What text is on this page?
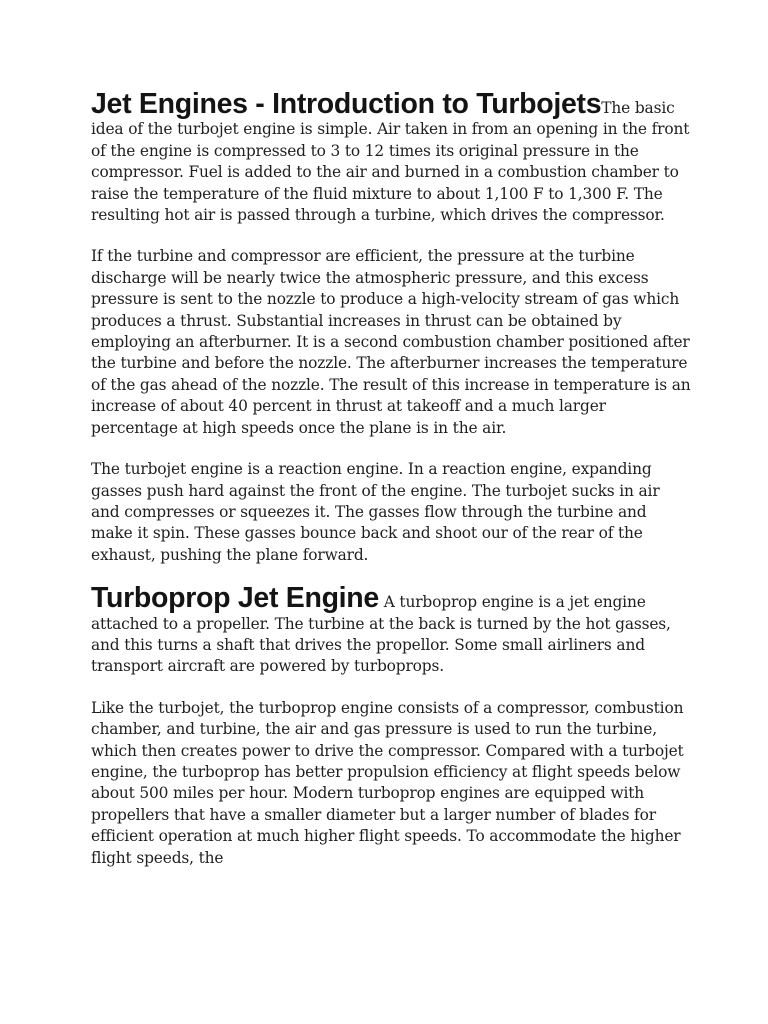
Jet Engines - Introduction to TurbojetsThe basic idea of the turbojet engine is simple. Air taken in from an opening in the front of the engine is compressed to 3 to 12 times its original pressure in the compressor. Fuel is added to the air and burned in a combustion chamber to raise the temperature of the fluid mixture to about 1,100 F to 1,300 F. The resulting hot air is passed through a turbine, which drives the compressor.

If the turbine and compressor are efficient, the pressure at the turbine discharge will be nearly twice the atmospheric pressure, and this excess pressure is sent to the nozzle to produce a high-velocity stream of gas which produces a thrust. Substantial increases in thrust can be obtained by employing an afterburner. It is a second combustion chamber positioned after the turbine and before the nozzle. The afterburner increases the temperature of the gas ahead of the nozzle. The result of this increase in temperature is an increase of about 40 percent in thrust at takeoff and a much larger percentage at high speeds once the plane is in the air.

The turbojet engine is a reaction engine. In a reaction engine, expanding gasses push hard against the front of the engine. The turbojet sucks in air and compresses or squeezes it. The gasses flow through the turbine and make it spin. These gasses bounce back and shoot our of the rear of the exhaust, pushing the plane forward.

Turboprop Jet Engine A turboprop engine is a jet engine attached to a propeller. The turbine at the back is turned by the hot gasses, and this turns a shaft that drives the propellor. Some small airliners and transport aircraft are powered by turboprops.

Like the turbojet, the turboprop engine consists of a compressor, combustion chamber, and turbine, the air and gas pressure is used to run the turbine, which then creates power to drive the compressor. Compared with a turbojet engine, the turboprop has better propulsion efficiency at flight speeds below about 500 miles per hour. Modern turboprop engines are equipped with propellers that have a smaller diameter but a larger number of blades for efficient operation at much higher flight speeds. To accommodate the higher flight speeds, the
